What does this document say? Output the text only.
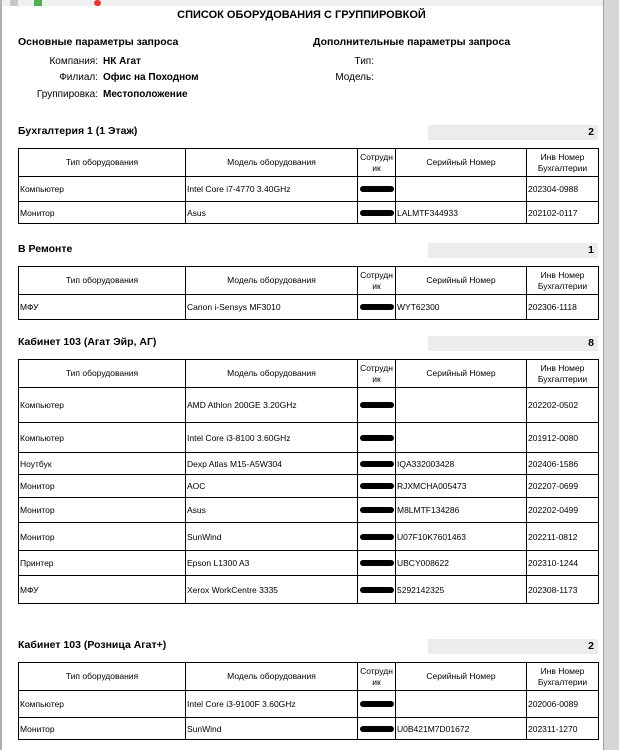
СПИСОК ОБОРУДОВАНИЯ С ГРУППИРОВКОЙ
Основные параметры запроса	Дополнительные параметры запроса
Компания: НК Агат
Филиал: Офис на Походном
Группировка: Местоположение
Тип:
Модель:
Бухгалтерия 1 (1 Этаж)	2
Тип оборудования	Модель оборудования	Сотрудник	Серийный Номер	Инв Номер Бухгалтерии
Компьютер	Intel Core i7-4770 3.40GHz			202304-0988
Монитор	Asus		LALMTF344933	202102-0117
В Ремонте	1
Тип оборудования	Модель оборудования	Сотрудник	Серийный Номер	Инв Номер Бухгалтерии
МФУ	Canon i-Sensys MF3010		WYT62300	202306-1118
Кабинет 103 (Агат Эйр, АГ)	8
Тип оборудования	Модель оборудования	Сотрудник	Серийный Номер	Инв Номер Бухгалтерии
Компьютер	AMD Athlon 200GE 3.20GHz			202202-0502
Компьютер	Intel Core i3-8100 3.60GHz			201912-0080
Ноутбук	Dexp Atlas M15-A5W304		IQA332003428	202406-1586
Монитор	AOC		RJXMCHA005473	202207-0699
Монитор	Asus		M8LMTF134286	202202-0499
Монитор	SunWind		U07F10K7601463	202211-0812
Принтер	Epson L1300 A3		UBCY008622	202310-1244
МФУ	Xerox WorkCentre 3335		5292142325	202308-1173
Кабинет 103 (Розница Агат+)	2
Тип оборудования	Модель оборудования	Сотрудник	Серийный Номер	Инв Номер Бухгалтерии
Компьютер	Intel Core i3-9100F 3.60GHz			202006-0089
Монитор	SunWind		U0B421M7D01672	202311-1270
